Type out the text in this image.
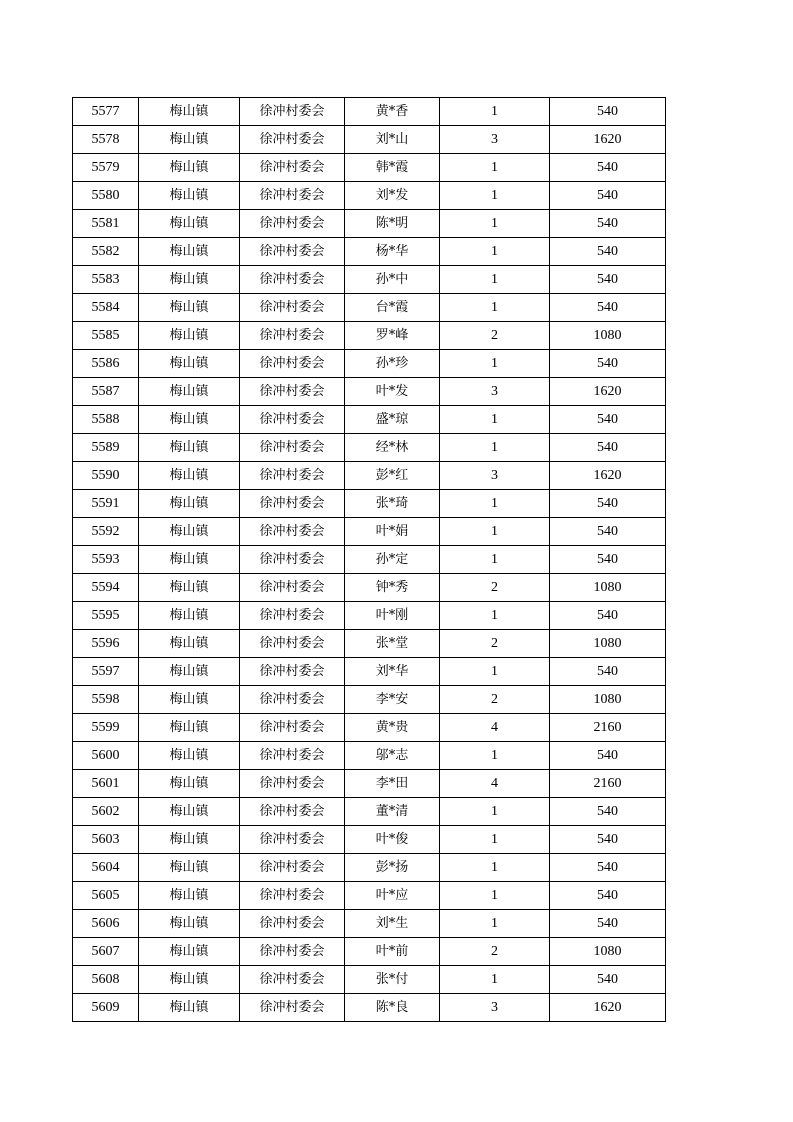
5577	梅山镇	徐冲村委会	黄*香	1	540
5578	梅山镇	徐冲村委会	刘*山	3	1620
5579	梅山镇	徐冲村委会	韩*霞	1	540
5580	梅山镇	徐冲村委会	刘*发	1	540
5581	梅山镇	徐冲村委会	陈*明	1	540
5582	梅山镇	徐冲村委会	杨*华	1	540
5583	梅山镇	徐冲村委会	孙*中	1	540
5584	梅山镇	徐冲村委会	台*霞	1	540
5585	梅山镇	徐冲村委会	罗*峰	2	1080
5586	梅山镇	徐冲村委会	孙*珍	1	540
5587	梅山镇	徐冲村委会	叶*发	3	1620
5588	梅山镇	徐冲村委会	盛*琼	1	540
5589	梅山镇	徐冲村委会	经*林	1	540
5590	梅山镇	徐冲村委会	彭*红	3	1620
5591	梅山镇	徐冲村委会	张*琦	1	540
5592	梅山镇	徐冲村委会	叶*娟	1	540
5593	梅山镇	徐冲村委会	孙*定	1	540
5594	梅山镇	徐冲村委会	钟*秀	2	1080
5595	梅山镇	徐冲村委会	叶*刚	1	540
5596	梅山镇	徐冲村委会	张*堂	2	1080
5597	梅山镇	徐冲村委会	刘*华	1	540
5598	梅山镇	徐冲村委会	李*安	2	1080
5599	梅山镇	徐冲村委会	黄*贵	4	2160
5600	梅山镇	徐冲村委会	邬*志	1	540
5601	梅山镇	徐冲村委会	李*田	4	2160
5602	梅山镇	徐冲村委会	董*清	1	540
5603	梅山镇	徐冲村委会	叶*俊	1	540
5604	梅山镇	徐冲村委会	彭*扬	1	540
5605	梅山镇	徐冲村委会	叶*应	1	540
5606	梅山镇	徐冲村委会	刘*生	1	540
5607	梅山镇	徐冲村委会	叶*前	2	1080
5608	梅山镇	徐冲村委会	张*付	1	540
5609	梅山镇	徐冲村委会	陈*良	3	1620
